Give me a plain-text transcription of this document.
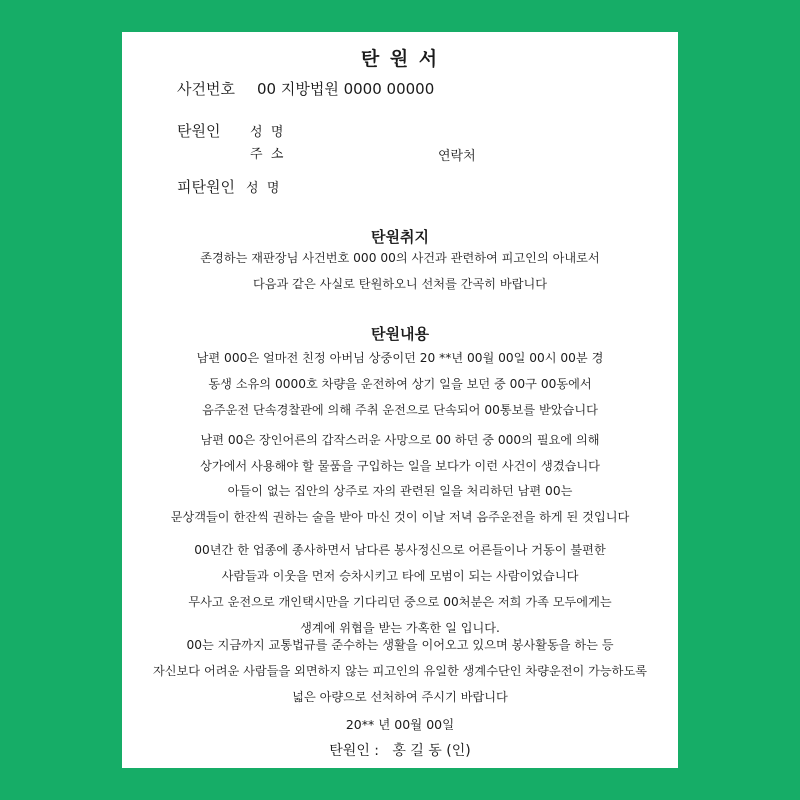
탄 원 서
사건번호 00 지방법원 0000 00000
탄원인 성  명
주  소	연락처
피탄원인 성  명
탄원취지
존경하는 재판장님 사건번호 000 00의 사건과 관련하여 피고인의 아내로서
다음과 같은 사실로 탄원하오니 선처를 간곡히 바랍니다
탄원내용
남편 000은 얼마전 친정 아버님 상중이던 20 **년 00월 00일 00시 00분 경
동생 소유의 0000호 차량을 운전하여 상기 일을 보던 중 00구 00동에서
음주운전 단속경찰관에 의해 주취 운전으로 단속되어 00통보를 받았습니다
남편 00은 장인어른의 갑작스러운 사망으로 00 하던 중 000의 필요에 의해
상가에서 사용해야 할 물품을 구입하는 일을 보다가 이런 사건이 생겼습니다
아들이 없는 집안의 상주로 자의 관련된 일을 처리하던 남편 00는
문상객들이 한잔씩 권하는 술을 받아 마신 것이 이날 저녁 음주운전을 하게 된 것입니다
00년간 한 업종에 종사하면서 남다른 봉사정신으로 어른들이나 거동이 불편한
사람들과 이웃을 먼저 승차시키고 타에 모범이 되는 사람이었습니다
무사고 운전으로 개인택시만을 기다리던 중으로 00처분은 저희 가족 모두에게는
생계에 위협을 받는 가혹한 일 입니다.
00는 지금까지 교통법규를 준수하는 생활을 이어오고 있으며 봉사활동을 하는 등
자신보다 어려운 사람들을 외면하지 않는 피고인의 유일한 생계수단인 차량운전이 가능하도록
넓은 아량으로 선처하여 주시기 바랍니다
20** 년 00월 00일
탄원인 :   홍 길 동 (인)
